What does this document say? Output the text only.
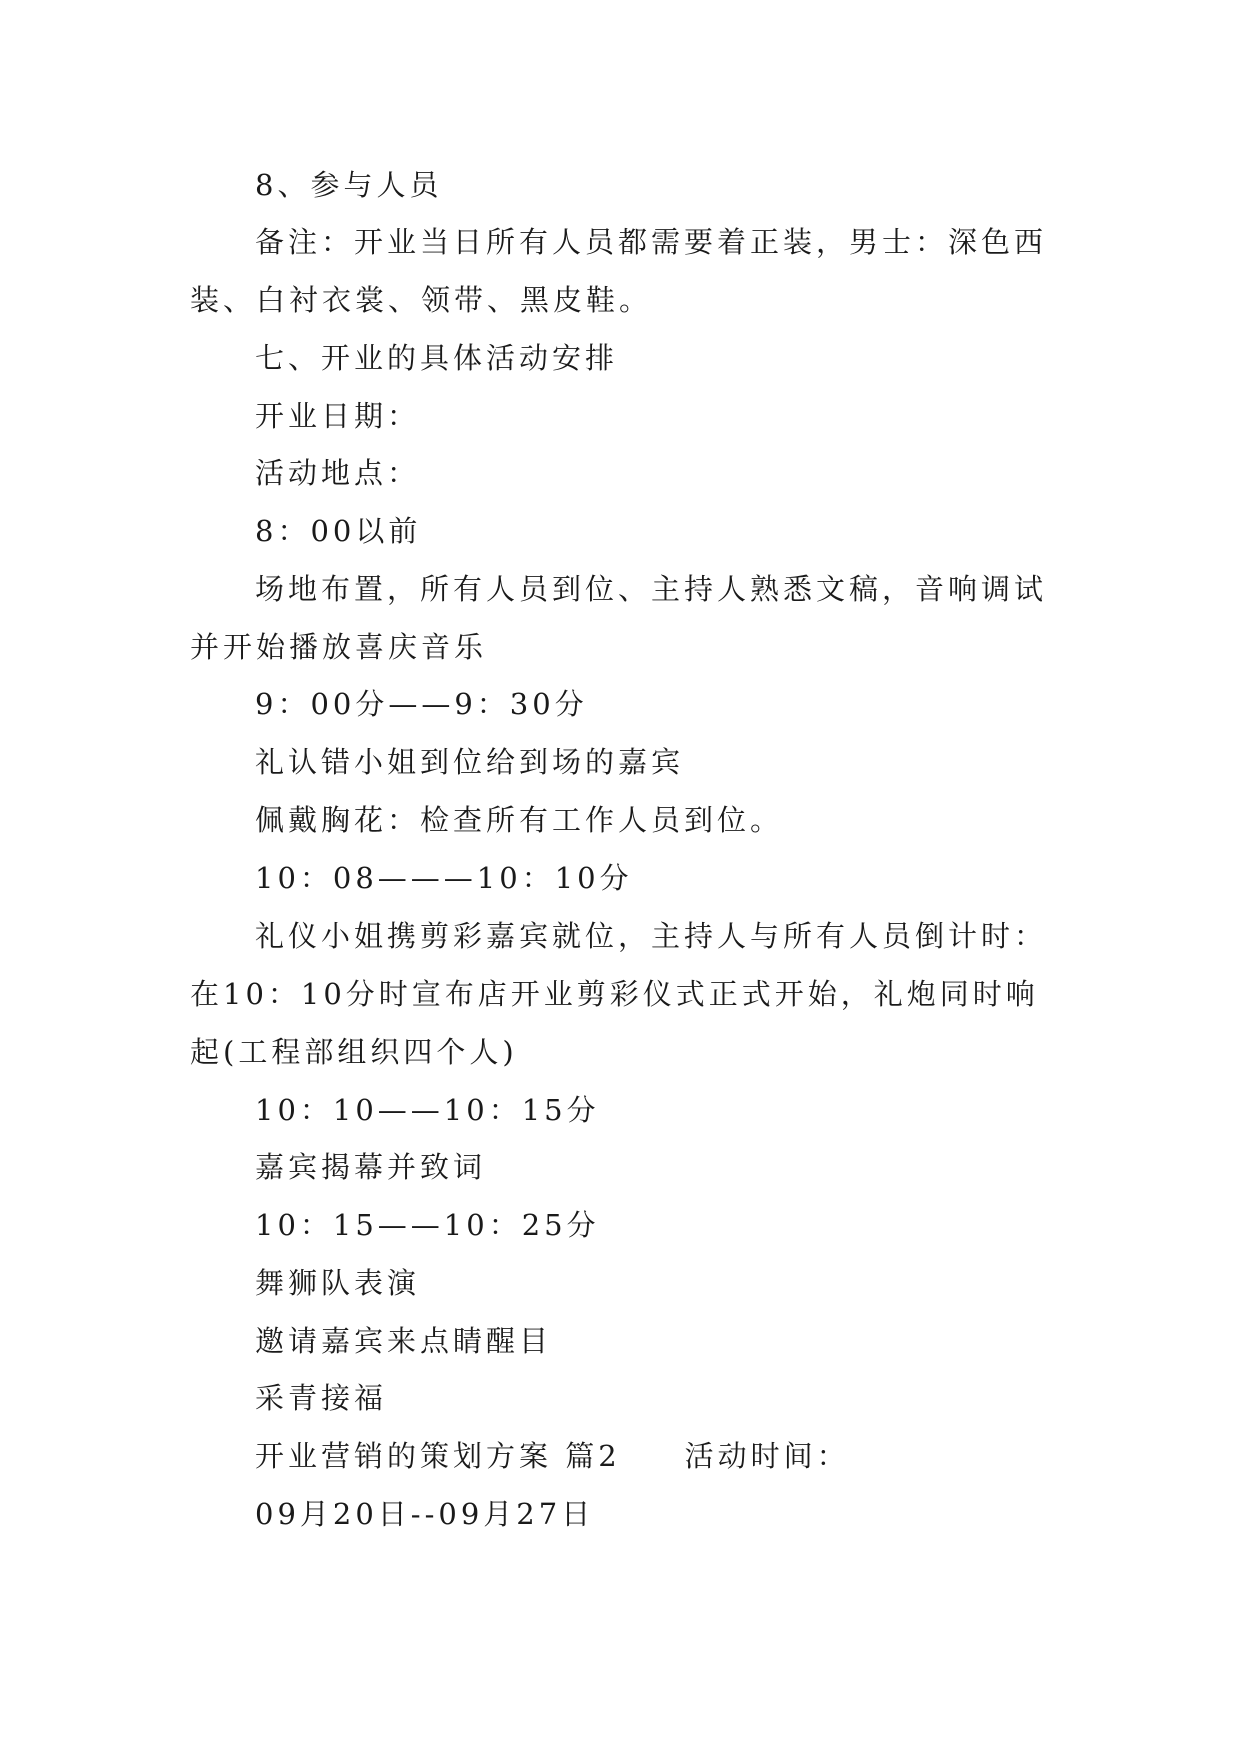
8、参与人员
备注：开业当日所有人员都需要着正装，男士：深色西
装、白衬衣裳、领带、黑皮鞋。
七、开业的具体活动安排
开业日期：
活动地点：
8：00以前
场地布置，所有人员到位、主持人熟悉文稿，音响调试
并开始播放喜庆音乐
9：00分——9：30分
礼认错小姐到位给到场的嘉宾
佩戴胸花：检查所有工作人员到位。
10：08———10：10分
礼仪小姐携剪彩嘉宾就位，主持人与所有人员倒计时：
在10：10分时宣布店开业剪彩仪式正式开始，礼炮同时响
起(工程部组织四个人)
10：10——10：15分
嘉宾揭幕并致词
10：15——10：25分
舞狮队表演
邀请嘉宾来点睛醒目
采青接福
开业营销的策划方案 篇2 活动时间：
09月20日--09月27日
